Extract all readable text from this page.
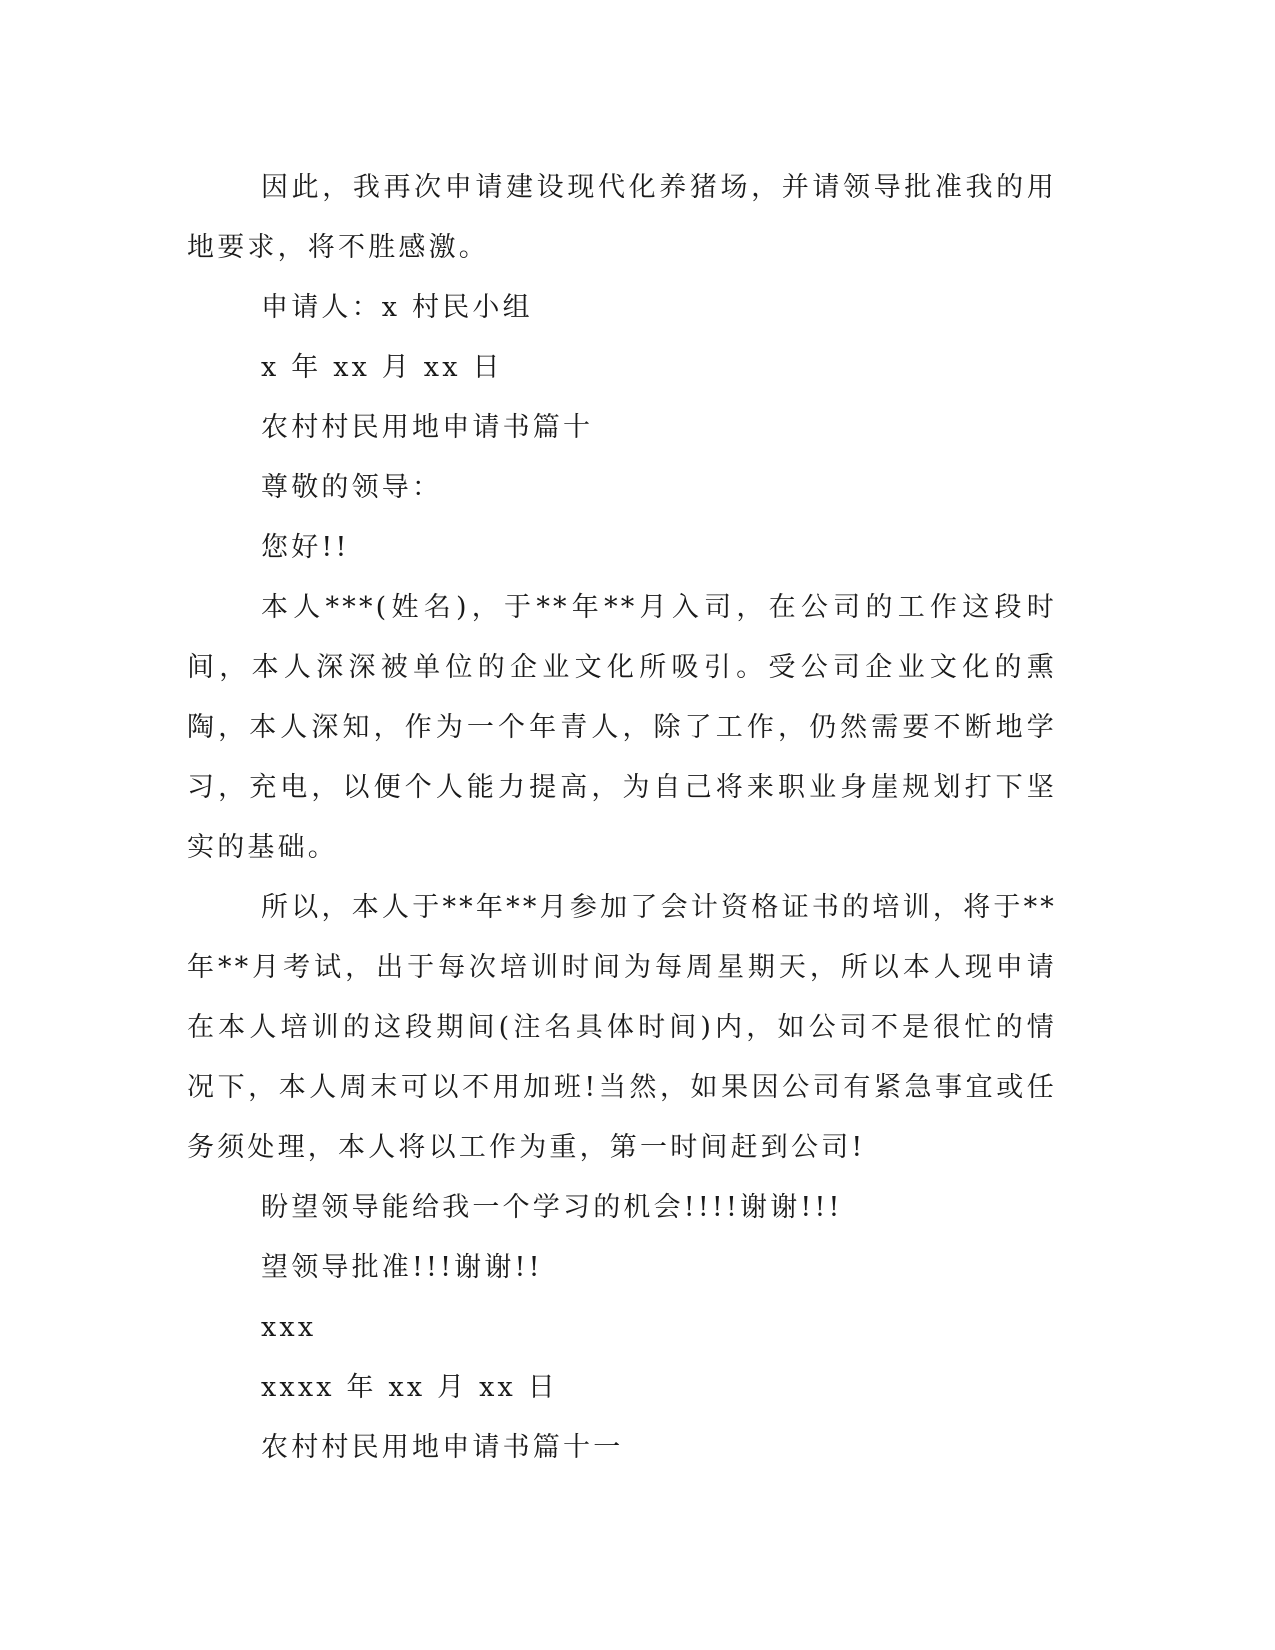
因此，我再次申请建设现代化养猪场，并请领导批准我的用地要求，将不胜感激。

申请人：x 村民小组

x 年 xx 月 xx 日

农村村民用地申请书篇十

尊敬的领导：

您好!!

本人***(姓名)，于**年**月入司，在公司的工作这段时间，本人深深被单位的企业文化所吸引。受公司企业文化的熏陶，本人深知，作为一个年青人，除了工作，仍然需要不断地学习，充电，以便个人能力提高，为自己将来职业身崖规划打下坚实的基础。

所以，本人于**年**月参加了会计资格证书的培训，将于**年**月考试，出于每次培训时间为每周星期天，所以本人现申请在本人培训的这段期间(注名具体时间)内，如公司不是很忙的情况下，本人周末可以不用加班!当然，如果因公司有紧急事宜或任务须处理，本人将以工作为重，第一时间赶到公司!

盼望领导能给我一个学习的机会!!!!谢谢!!!

望领导批准!!!谢谢!!

xxx

xxxx 年 xx 月 xx 日

农村村民用地申请书篇十一
